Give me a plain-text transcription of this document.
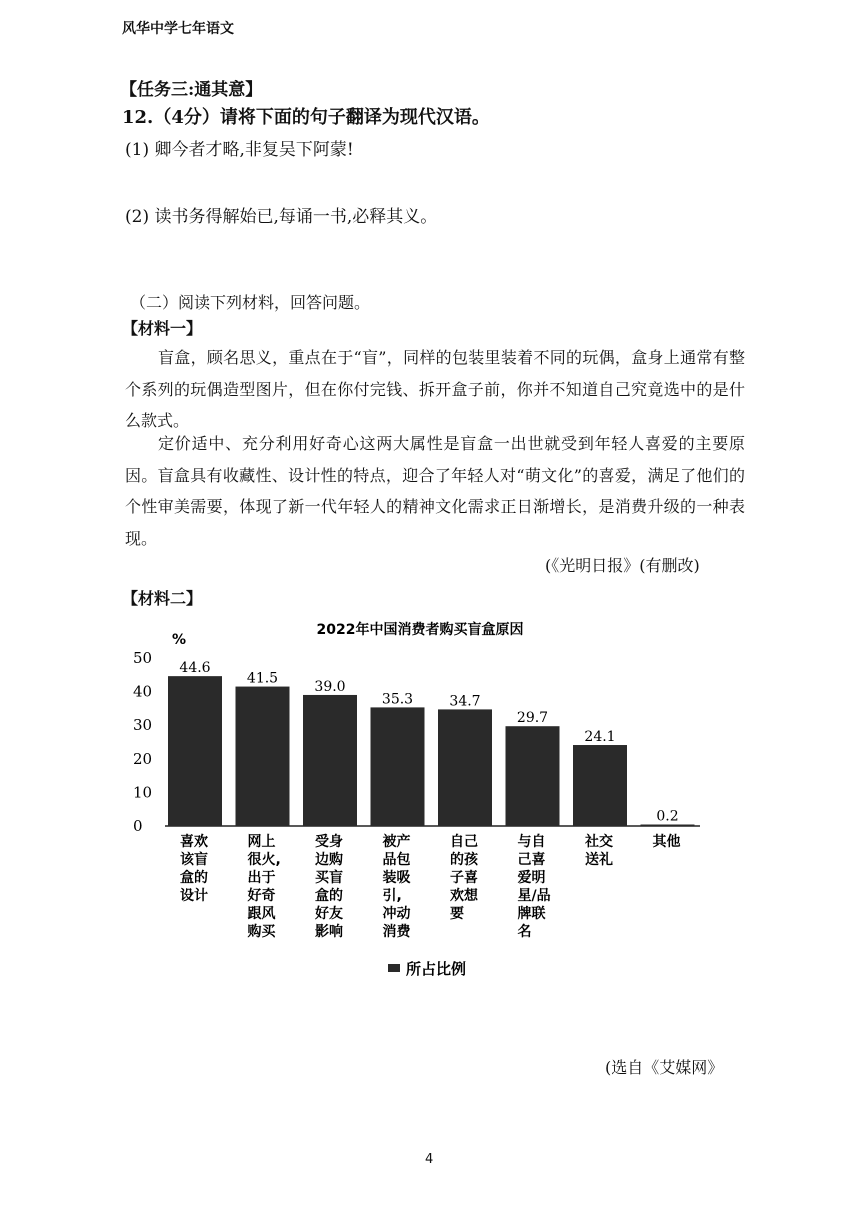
风华中学七年语文
【任务三:通其意】
12.（4分）请将下面的句子翻译为现代汉语。
(1) 卿今者才略,非复吴下阿蒙!
(2) 读书务得解始已,每诵一书,必释其义。
（二）阅读下列材料，回答问题。
【材料一】
盲盒，顾名思义，重点在于“盲”，同样的包装里装着不同的玩偶，盒身上通常有整个系列的玩偶造型图片，但在你付完钱、拆开盒子前，你并不知道自己究竟选中的是什么款式。
定价适中、充分利用好奇心这两大属性是盲盒一出世就受到年轻人喜爱的主要原因。盲盒具有收藏性、设计性的特点，迎合了年轻人对“萌文化”的喜爱，满足了他们的个性审美需要，体现了新一代年轻人的精神文化需求正日渐增长，是消费升级的一种表现。
(《光明日报》(有删改)
【材料二】
2022年中国消费者购买盲盒原因
%
0
10
20
30
40
50
44.6
喜欢
该盲
盒的
设计
41.5
网上
很火,
出于
好奇
跟风
购买
39.0
受身
边购
买盲
盒的
好友
影响
35.3
被产
品包
装吸
引,
冲动
消费
34.7
自己
的孩
子喜
欢想
要
29.7
与自
己喜
爱明
星/品
牌联
名
24.1
社交
送礼
0.2
其他
所占比例
(选自《艾媒网》
4
